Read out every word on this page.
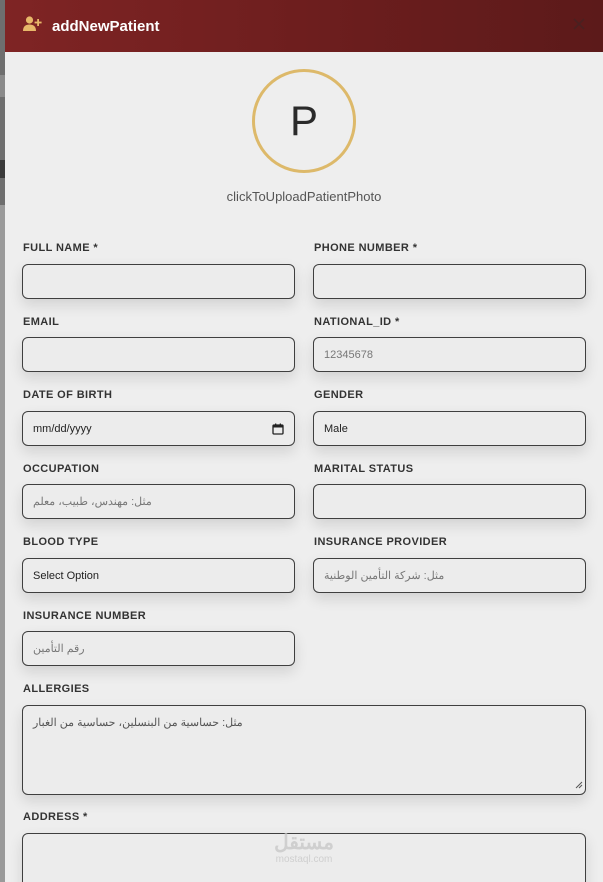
addNewPatient
P
clickToUploadPatientPhoto
FULL NAME *	PHONE NUMBER *
EMAIL	NATIONAL_ID *
12345678
DATE OF BIRTH
mm/dd/yyyy
GENDER
Male
OCCUPATION
مثل: مهندس، طبيب، معلم
MARITAL STATUS
BLOOD TYPE
Select Option
INSURANCE PROVIDER
مثل: شركة التأمين الوطنية
INSURANCE NUMBER
رقم التأمين
ALLERGIES
مثل: حساسية من البنسلين، حساسية من الغبار
ADDRESS *
مستقل
mostaql.com
